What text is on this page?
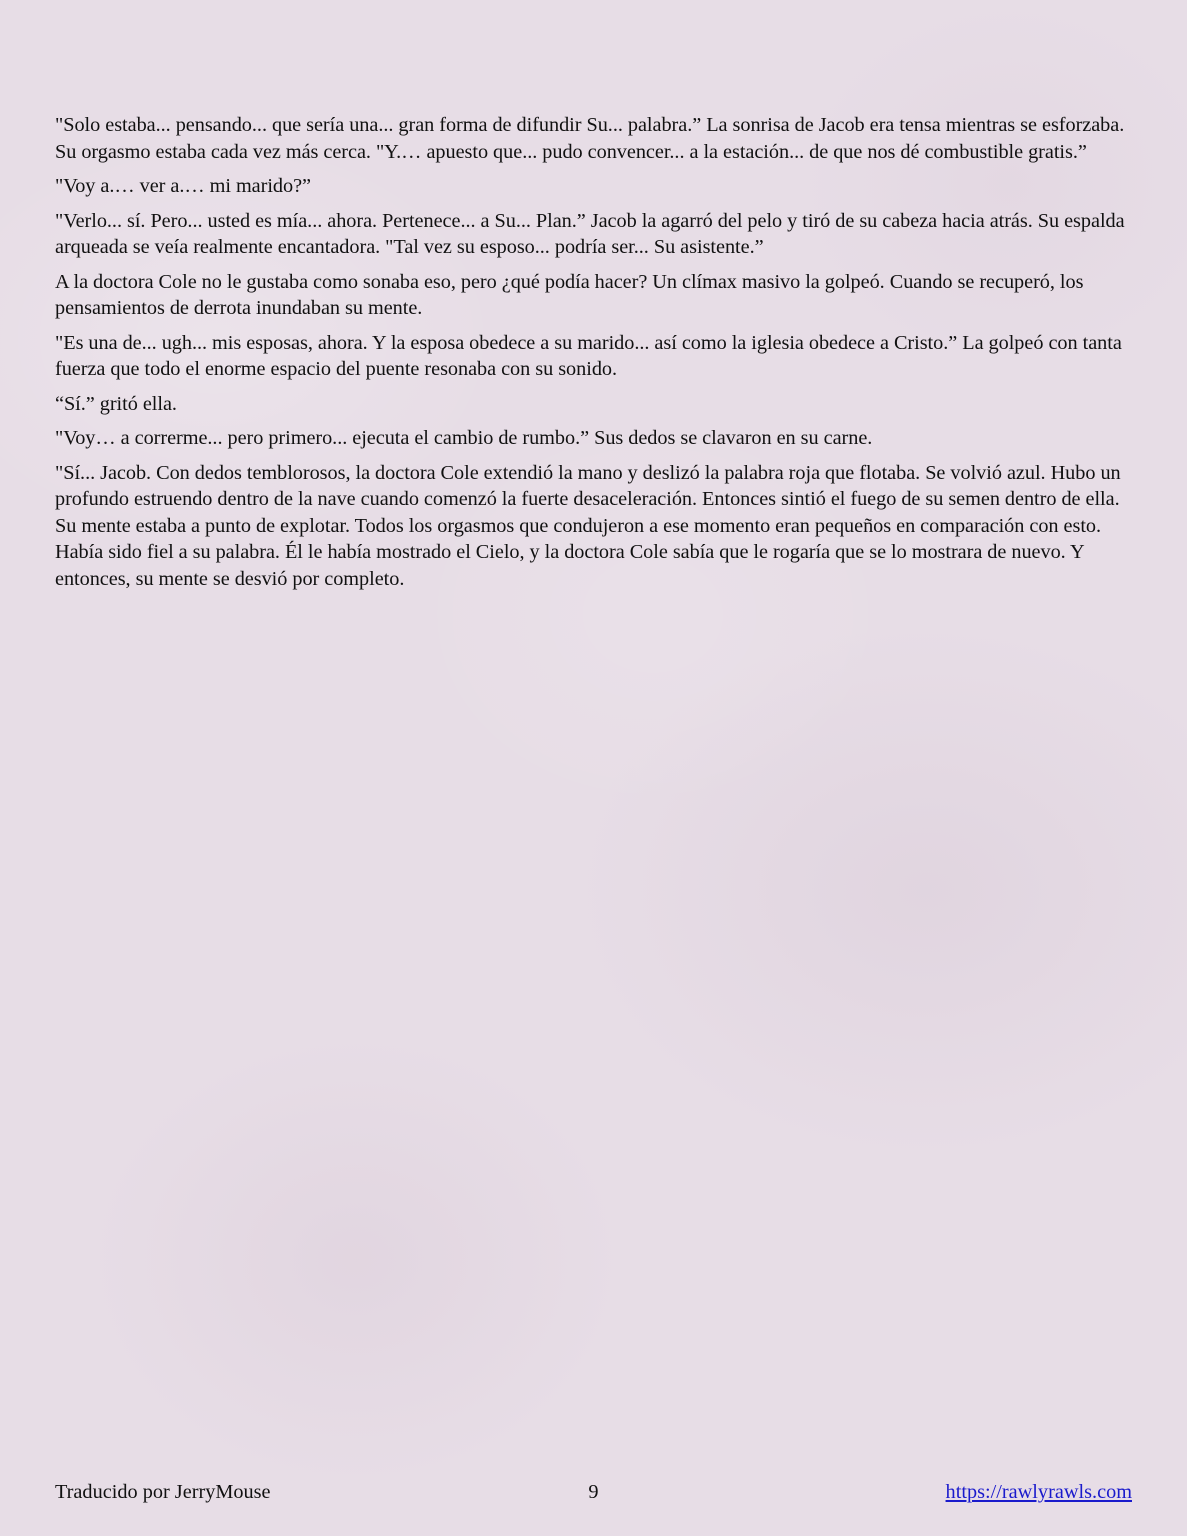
"Solo estaba... pensando... que sería una... gran forma de difundir Su... palabra.” La sonrisa de Jacob era tensa mientras se esforzaba. Su orgasmo estaba cada vez más cerca. "Y.… apuesto que... pudo convencer... a la estación... de que nos dé combustible gratis.”

"Voy a.… ver a.… mi marido?”

"Verlo... sí. Pero... usted es mía... ahora. Pertenece... a Su... Plan.” Jacob la agarró del pelo y tiró de su cabeza hacia atrás. Su espalda arqueada se veía realmente encantadora. "Tal vez su esposo... podría ser... Su asistente.”

A la doctora Cole no le gustaba como sonaba eso, pero ¿qué podía hacer? Un clímax masivo la golpeó. Cuando se recuperó, los pensamientos de derrota inundaban su mente.

"Es una de... ugh... mis esposas, ahora. Y la esposa obedece a su marido... así como la iglesia obedece a Cristo.” La golpeó con tanta fuerza que todo el enorme espacio del puente resonaba con su sonido.

“Sí.” gritó ella.

"Voy… a correrme... pero primero... ejecuta el cambio de rumbo.” Sus dedos se clavaron en su carne.

"Sí... Jacob. Con dedos temblorosos, la doctora Cole extendió la mano y deslizó la palabra roja que flotaba. Se volvió azul. Hubo un profundo estruendo dentro de la nave cuando comenzó la fuerte desaceleración. Entonces sintió el fuego de su semen dentro de ella. Su mente estaba a punto de explotar. Todos los orgasmos que condujeron a ese momento eran pequeños en comparación con esto. Había sido fiel a su palabra. Él le había mostrado el Cielo, y la doctora Cole sabía que le rogaría que se lo mostrara de nuevo. Y entonces, su mente se desvió por completo.

Traducido por JerryMouse	9	https://rawlyrawls.com
